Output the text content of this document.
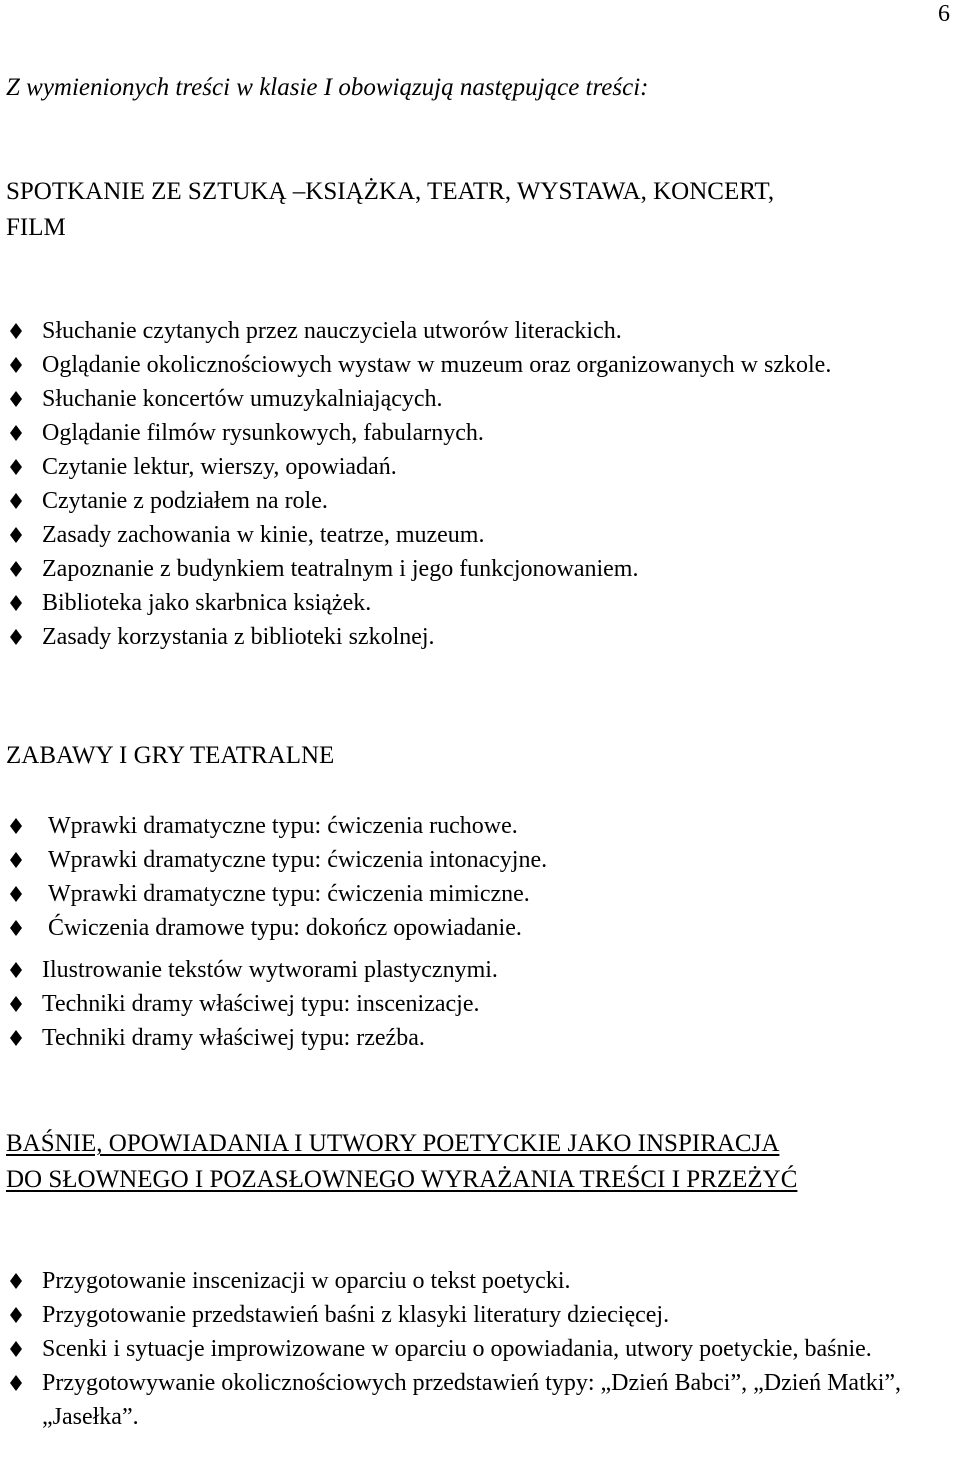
6
Z wymienionych treści w klasie I obowiązują następujące treści:
SPOTKANIE ZE SZTUKĄ –KSIĄŻKA, TEATR, WYSTAWA, KONCERT,
FILM
Słuchanie czytanych przez nauczyciela utworów literackich.
Oglądanie okolicznościowych wystaw w muzeum oraz organizowanych w szkole.
Słuchanie koncertów umuzykalniających.
Oglądanie filmów rysunkowych, fabularnych.
Czytanie lektur, wierszy, opowiadań.
Czytanie z podziałem na role.
Zasady zachowania w kinie, teatrze, muzeum.
Zapoznanie z budynkiem teatralnym i jego funkcjonowaniem.
Biblioteka jako skarbnica książek.
Zasady korzystania z biblioteki szkolnej.
ZABAWY I GRY TEATRALNE
Wprawki dramatyczne typu: ćwiczenia ruchowe.
Wprawki dramatyczne typu: ćwiczenia intonacyjne.
Wprawki dramatyczne typu: ćwiczenia mimiczne.
Ćwiczenia dramowe typu: dokończ opowiadanie.
Ilustrowanie tekstów wytworami plastycznymi.
Techniki dramy właściwej typu: inscenizacje.
Techniki dramy właściwej typu: rzeźba.
BAŚNIE, OPOWIADANIA I UTWORY POETYCKIE JAKO INSPIRACJA
DO SŁOWNEGO I POZASŁOWNEGO WYRAŻANIA TREŚCI I PRZEŻYĆ
Przygotowanie inscenizacji w oparciu o tekst poetycki.
Przygotowanie przedstawień baśni z klasyki literatury dziecięcej.
Scenki i sytuacje improwizowane w oparciu o opowiadania, utwory poetyckie, baśnie.
Przygotowywanie okolicznościowych przedstawień typy: „Dzień Babci”, „Dzień Matki”, „Jasełka”.
